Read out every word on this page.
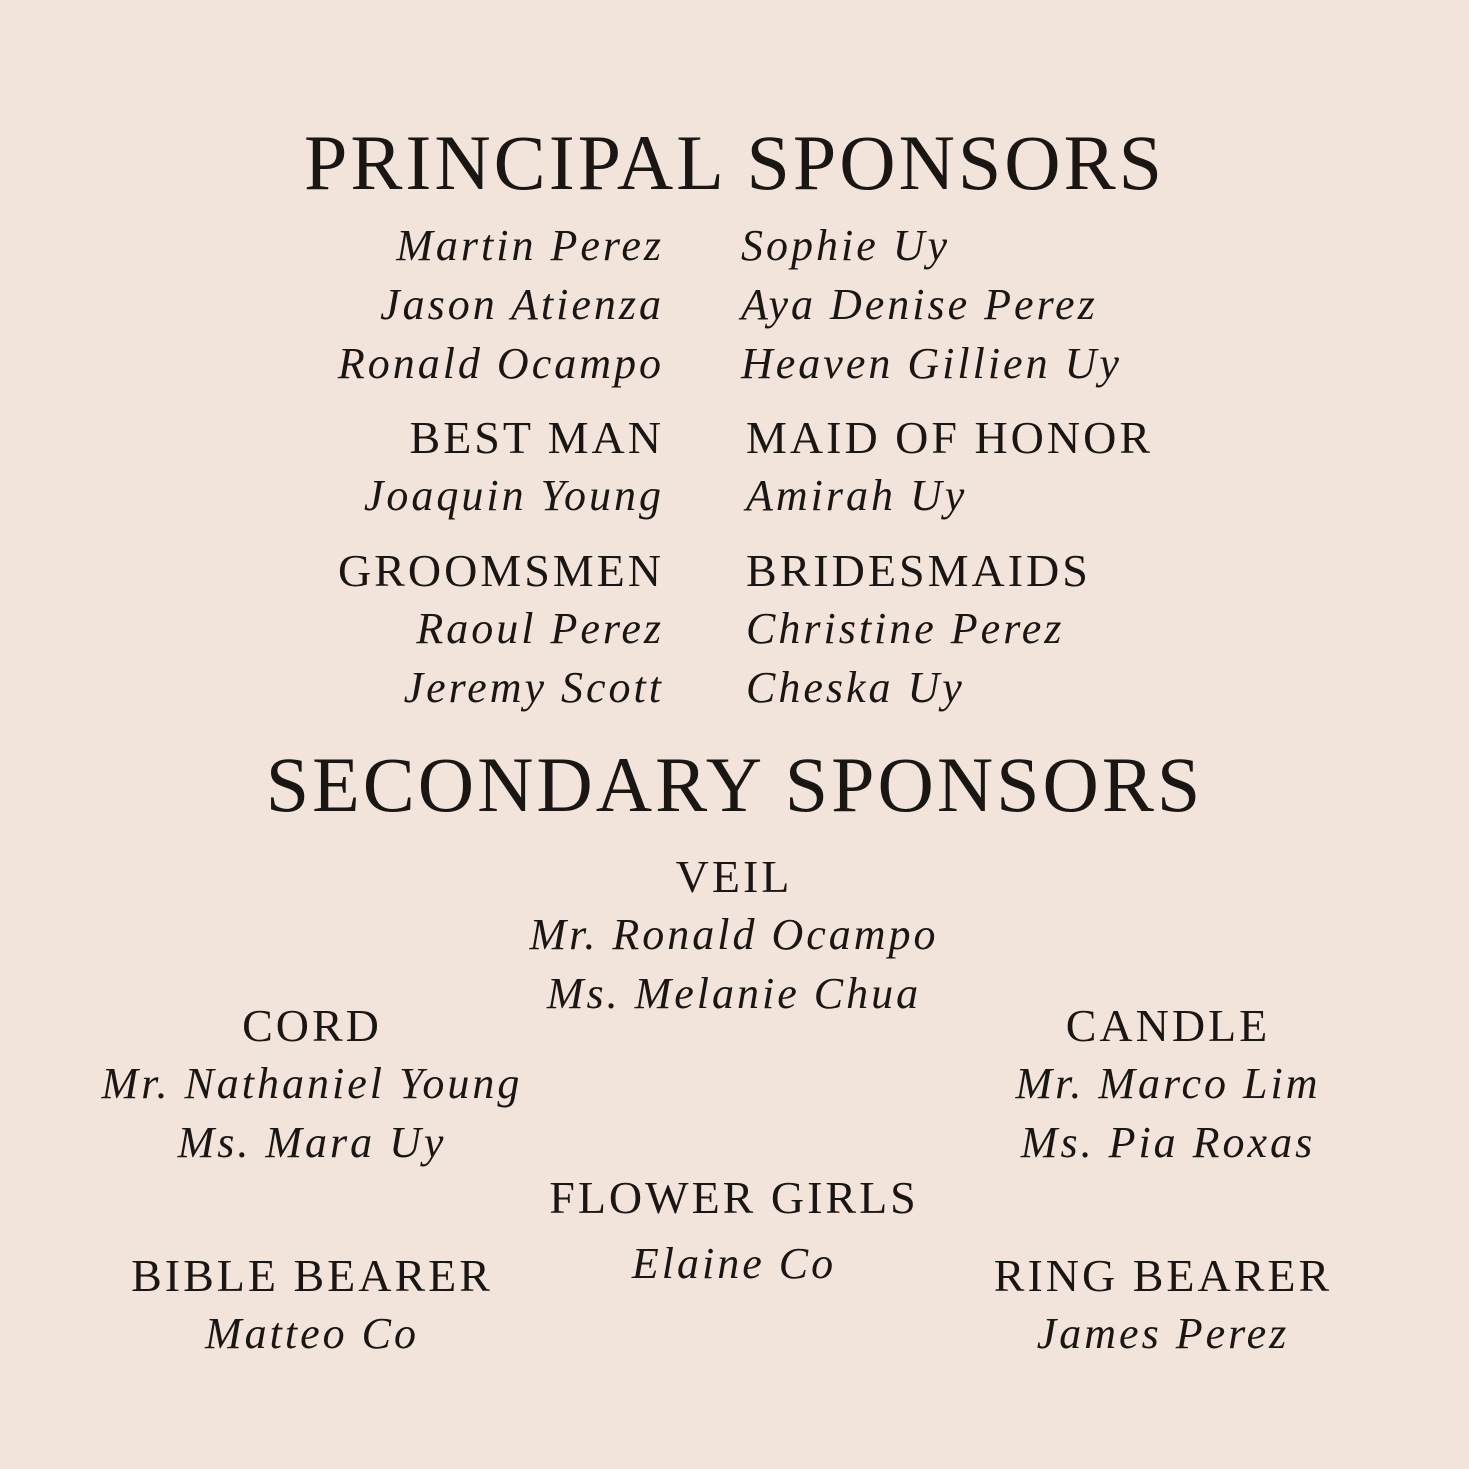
PRINCIPAL SPONSORS
Martin Perez
Jason Atienza
Ronald Ocampo
Sophie Uy
Aya Denise Perez
Heaven Gillien Uy
BEST MAN
Joaquin Young
MAID OF HONOR
Amirah Uy
GROOMSMEN
Raoul Perez
Jeremy Scott
BRIDESMAIDS
Christine Perez
Cheska Uy
SECONDARY SPONSORS
VEIL
Mr. Ronald Ocampo
Ms. Melanie Chua
CORD
Mr. Nathaniel Young
Ms. Mara Uy
CANDLE
Mr. Marco Lim
Ms. Pia Roxas
FLOWER GIRLS
Elaine Co
BIBLE BEARER
Matteo Co
RING BEARER
James Perez
